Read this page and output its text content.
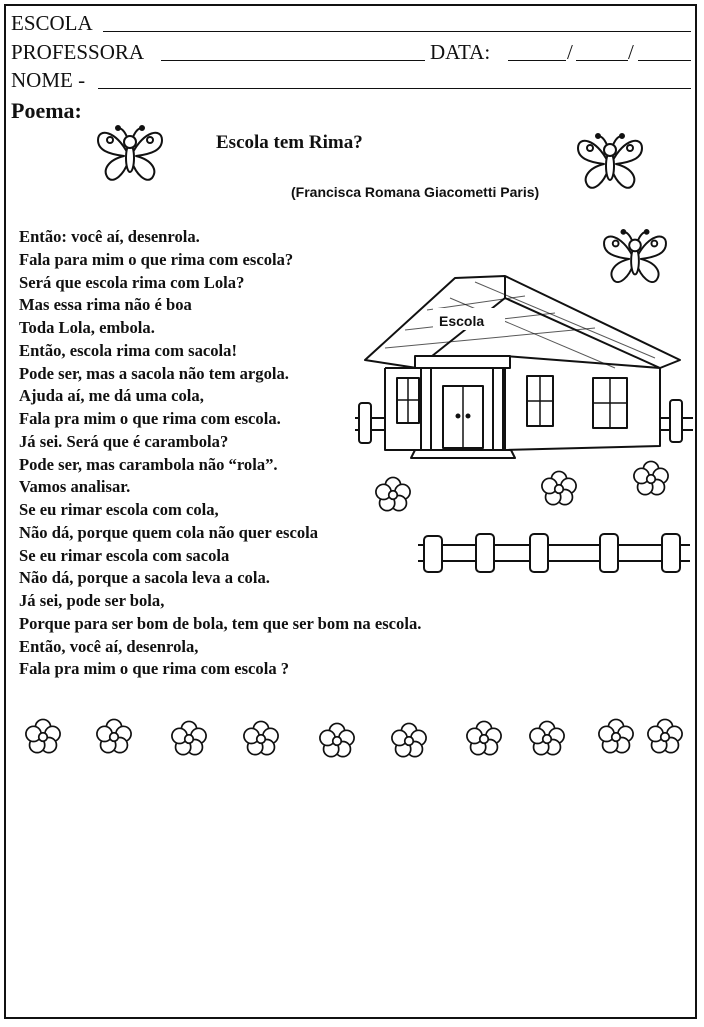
ESCOLA
PROFESSORA	DATA:	/	/
NOME -
Poema:
Escola tem Rima?
(Francisca Romana Giacometti Paris)
Então: você aí, desenrola.
Fala para mim o que rima com escola?
Será que escola rima com Lola?
Mas essa rima não é boa
Toda Lola, embola.
Então, escola rima com sacola!
Pode ser, mas a sacola não tem argola.
Ajuda aí, me dá uma cola,
Fala pra mim o que rima com escola.
Já sei. Será que é carambola?
Pode ser, mas carambola não “rola”.
Vamos analisar.
Se eu rimar escola com cola,
Não dá, porque quem cola não quer escola
Se eu rimar escola com sacola
Não dá, porque a sacola leva a cola.
Já sei, pode ser bola,
Porque para ser bom de bola, tem que ser bom na escola.
Então, você aí, desenrola,
Fala pra mim o que rima com escola ?
Escola
